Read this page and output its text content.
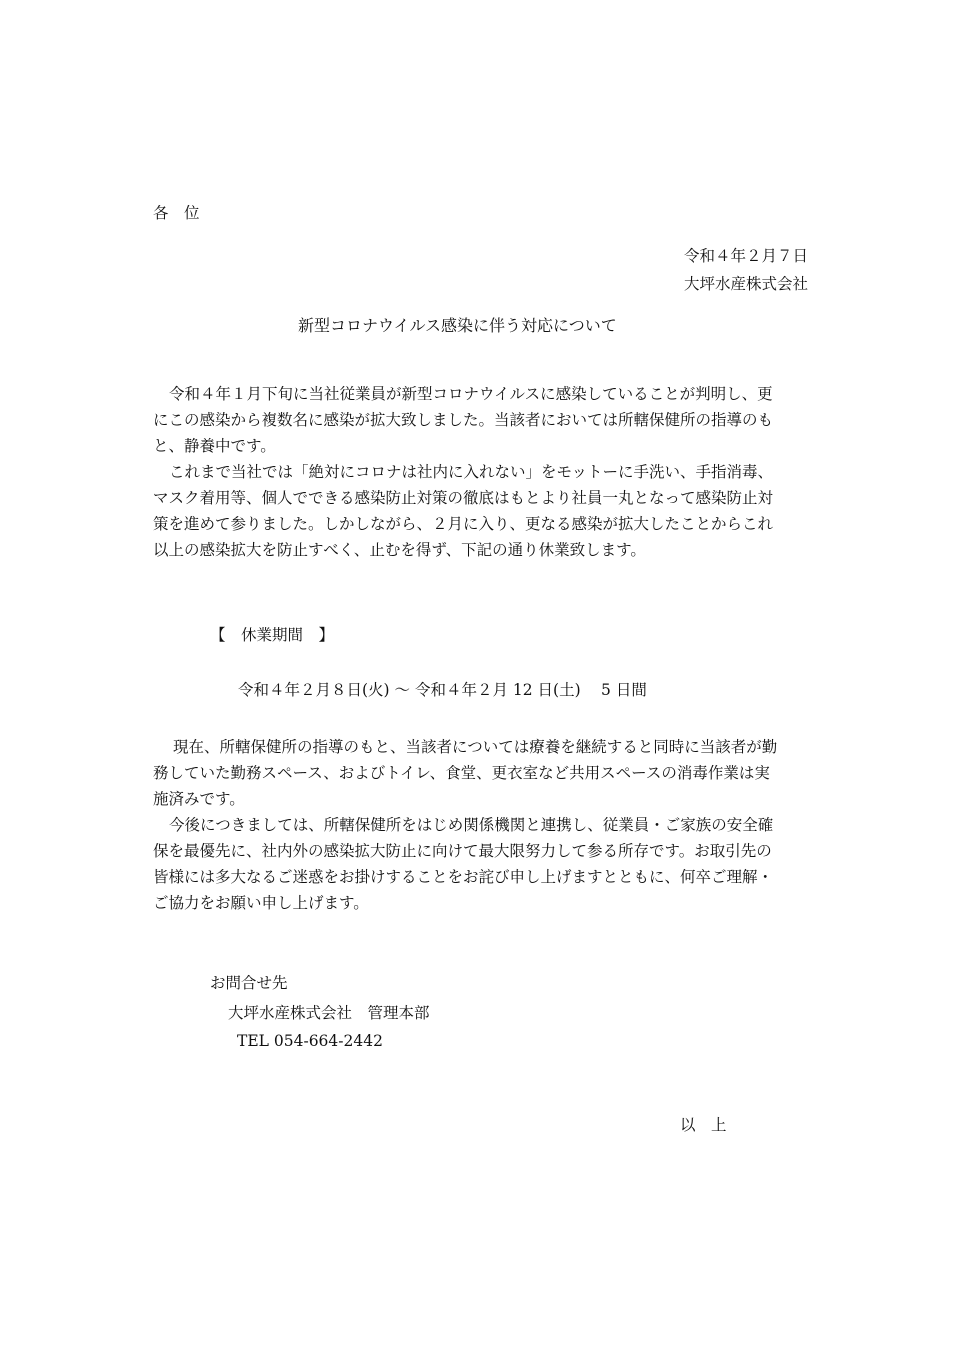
各　位
令和４年２月７日
大坪水産株式会社
新型コロナウイルス感染に伴う対応について
令和４年１月下旬に当社従業員が新型コロナウイルスに感染していることが判明し、更
にこの感染から複数名に感染が拡大致しました。当該者においては所轄保健所の指導のも
と、静養中です。
これまで当社では「絶対にコロナは社内に入れない」をモットーに手洗い、手指消毒、
マスク着用等、個人でできる感染防止対策の徹底はもとより社員一丸となって感染防止対
策を進めて参りました。しかしながら、２月に入り、更なる感染が拡大したことからこれ
以上の感染拡大を防止すべく、止むを得ず、下記の通り休業致します。
【　休業期間　】
令和４年２月８日(火) 〜 令和４年２月 12 日(土)　 5 日間
現在、所轄保健所の指導のもと、当該者については療養を継続すると同時に当該者が勤
務していた勤務スペース、およびトイレ、食堂、更衣室など共用スペースの消毒作業は実
施済みです。
今後につきましては、所轄保健所をはじめ関係機関と連携し、従業員・ご家族の安全確
保を最優先に、社内外の感染拡大防止に向けて最大限努力して参る所存です。お取引先の
皆様には多大なるご迷惑をお掛けすることをお詫び申し上げますとともに、何卒ご理解・
ご協力をお願い申し上げます。
お問合せ先
大坪水産株式会社　管理本部
TEL 054-664-2442
以　上
